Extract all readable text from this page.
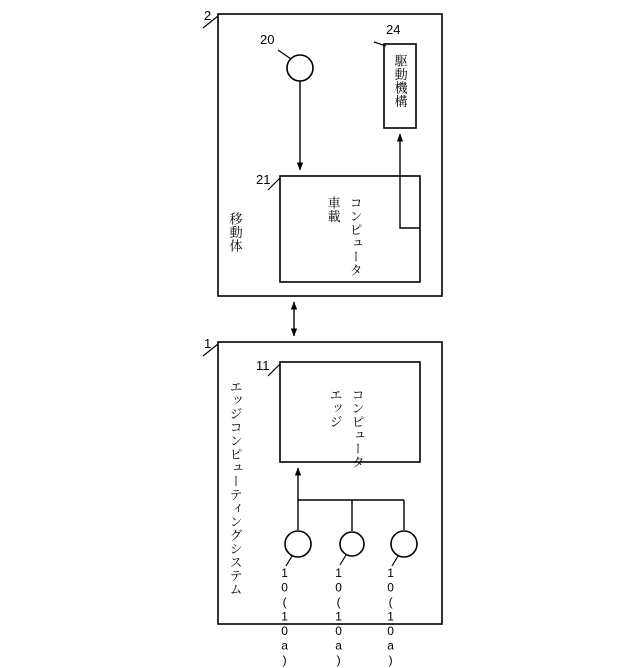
2
20
24
21
1
11
移動体
車載 コンピュータ
駆動機構
エッジコンピューティングシステム	エッジ コンピュータ
10(10a)	10(10a)	10(10a)
